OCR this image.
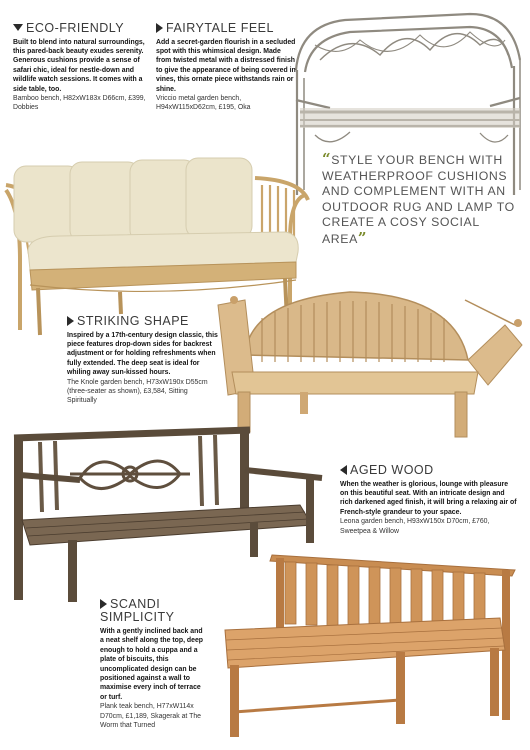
ECO-FRIENDLY
Built to blend into natural surroundings, this pared-back beauty exudes serenity. Generous cushions provide a sense of safari chic, ideal for nestle-down and wildlife watch sessions. It comes with a side table, too.
Bamboo bench, H82xW183x D66cm, £399, Dobbies
FAIRYTALE FEEL
Add a secret-garden flourish in a secluded spot with this whimsical design. Made from twisted metal with a distressed finish to give the appearance of being covered in vines, this ornate piece withstands rain or shine.
Vriccio metal garden bench, H94xW115xD62cm, £195, Oka
“STYLE YOUR BENCH WITH WEATHERPROOF CUSHIONS AND COMPLEMENT WITH AN OUTDOOR RUG AND LAMP TO CREATE A COSY SOCIAL AREA”
STRIKING SHAPE
Inspired by a 17th-century design classic, this piece features drop-down sides for backrest adjustment or for holding refreshments when fully extended. The deep seat is ideal for whiling away sun-kissed hours.
The Knole garden bench, H73xW190x D55cm (three-seater as shown), £3,584, Sitting Spiritually
AGED WOOD
When the weather is glorious, lounge with pleasure on this beautiful seat. With an intricate design and rich darkened aged finish, it will bring a relaxing air of French-style grandeur to your space.
Leona garden bench, H93xW150x D70cm, £760, Sweetpea & Willow
SCANDI SIMPLICITY
With a gently inclined back and a neat shelf along the top, deep enough to hold a cuppa and a plate of biscuits, this uncomplicated design can be positioned against a wall to maximise every inch of terrace or turf.
Plank teak bench, H77xW114x D70cm, £1,189, Skagerak at The Worm that Turned
